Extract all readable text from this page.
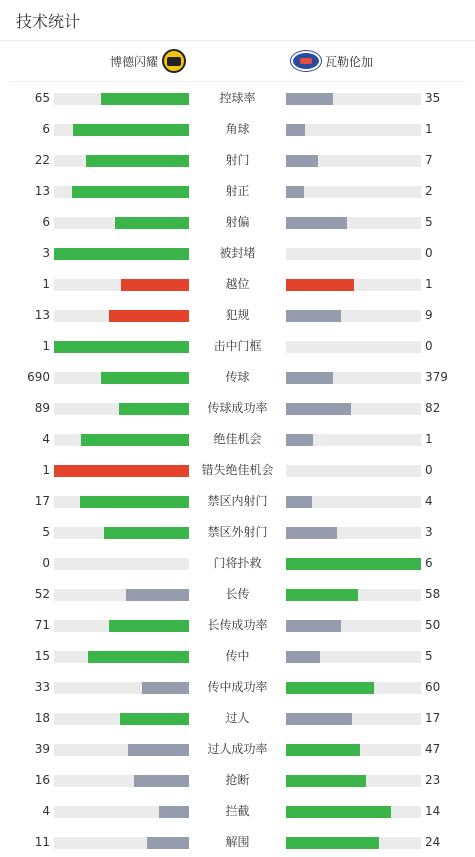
技术统计
博德闪耀	瓦勒伦加
65	控球率	35
6	角球	1
22	射门	7
13	射正	2
6	射偏	5
3	被封堵	0
1	越位	1
13	犯规	9
1	击中门框	0
690	传球	379
89	传球成功率	82
4	绝佳机会	1
1	错失绝佳机会	0
17	禁区内射门	4
5	禁区外射门	3
0	门将扑救	6
52	长传	58
71	长传成功率	50
15	传中	5
33	传中成功率	60
18	过人	17
39	过人成功率	47
16	抢断	23
4	拦截	14
11	解围	24
